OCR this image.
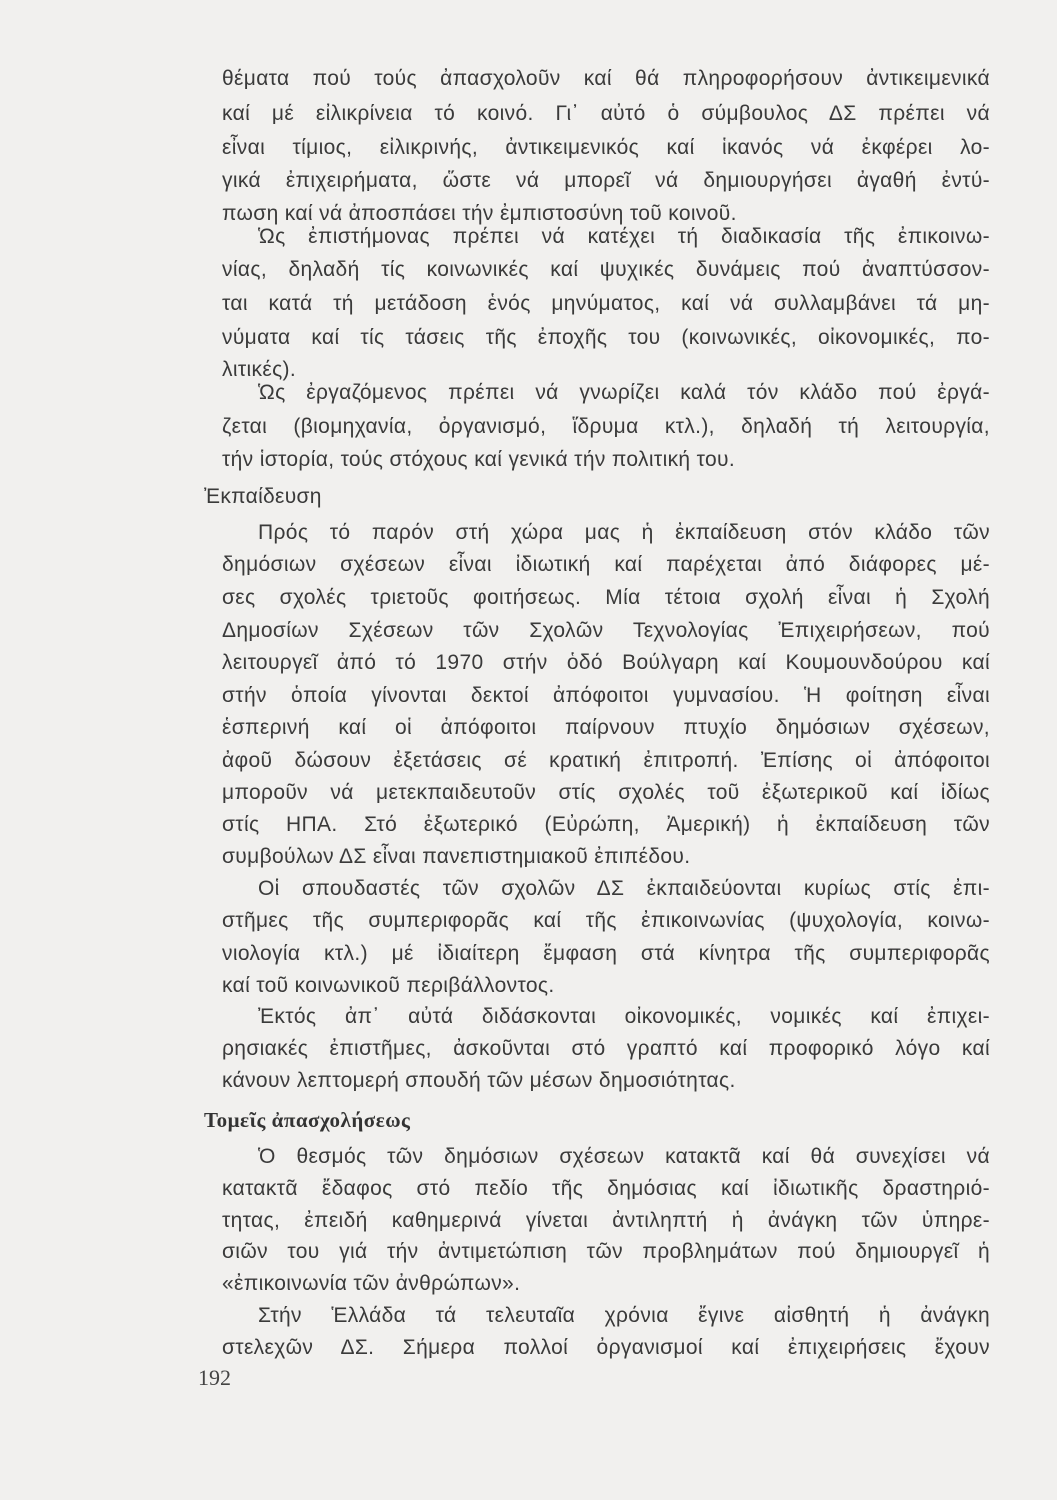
θέματα πού τούς ἀπασχολοῦν καί θά πληροφορήσουν ἀντικειμενικά
καί μέ εἰλικρίνεια τό κοινό. Γι᾽ αὐτό ὁ σύμβουλος ΔΣ πρέπει νά
εἶναι τίμιος, εἰλικρινής, ἀντικειμενικός καί ἱκανός νά ἐκφέρει λο-
γικά ἐπιχειρήματα, ὥστε νά μπορεῖ νά δημιουργήσει ἀγαθή ἐντύ-
πωση καί νά ἀποσπάσει τήν ἐμπιστοσύνη τοῦ κοινοῦ.
Ὡς ἐπιστήμονας πρέπει νά κατέχει τή διαδικασία τῆς ἐπικοινω-
νίας, δηλαδή τίς κοινωνικές καί ψυχικές δυνάμεις πού ἀναπτύσσον-
ται κατά τή μετάδοση ἑνός μηνύματος, καί νά συλλαμβάνει τά μη-
νύματα καί τίς τάσεις τῆς ἐποχῆς του (κοινωνικές, οἰκονομικές, πο-
λιτικές).
Ὡς ἐργαζόμενος πρέπει νά γνωρίζει καλά τόν κλάδο πού ἐργά-
ζεται (βιομηχανία, ὀργανισμό, ἵδρυμα κτλ.), δηλαδή τή λειτουργία,
τήν ἱστορία, τούς στόχους καί γενικά τήν πολιτική του.
Ἐκπαίδευση
Πρός τό παρόν στή χώρα μας ἡ ἐκπαίδευση στόν κλάδο τῶν
δημόσιων σχέσεων εἶναι ἰδιωτική καί παρέχεται ἀπό διάφορες μέ-
σες σχολές τριετοῦς φοιτήσεως. Μία τέτοια σχολή εἶναι ἡ Σχολή
Δημοσίων Σχέσεων τῶν Σχολῶν Τεχνολογίας Ἐπιχειρήσεων, πού
λειτουργεῖ ἀπό τό 1970 στήν ὁδό Βούλγαρη καί Κουμουνδούρου καί
στήν ὁποία γίνονται δεκτοί ἀπόφοιτοι γυμνασίου. Ἡ φοίτηση εἶναι
ἑσπερινή καί οἱ ἀπόφοιτοι παίρνουν πτυχίο δημόσιων σχέσεων,
ἀφοῦ δώσουν ἐξετάσεις σέ κρατική ἐπιτροπή. Ἐπίσης οἱ ἀπόφοιτοι
μποροῦν νά μετεκπαιδευτοῦν στίς σχολές τοῦ ἐξωτερικοῦ καί ἰδίως
στίς ΗΠΑ. Στό ἐξωτερικό (Εὐρώπη, Ἀμερική) ἡ ἐκπαίδευση τῶν
συμβούλων ΔΣ εἶναι πανεπιστημιακοῦ ἐπιπέδου.
Οἱ σπουδαστές τῶν σχολῶν ΔΣ ἐκπαιδεύονται κυρίως στίς ἐπι-
στῆμες τῆς συμπεριφορᾶς καί τῆς ἐπικοινωνίας (ψυχολογία, κοινω-
νιολογία κτλ.) μέ ἰδιαίτερη ἔμφαση στά κίνητρα τῆς συμπεριφορᾶς
καί τοῦ κοινωνικοῦ περιβάλλοντος.
Ἐκτός ἀπ᾽ αὐτά διδάσκονται οἰκονομικές, νομικές καί ἐπιχει-
ρησιακές ἐπιστῆμες, ἀσκοῦνται στό γραπτό καί προφορικό λόγο καί
κάνουν λεπτομερή σπουδή τῶν μέσων δημοσιότητας.
Τομεῖς ἀπασχολήσεως
Ὁ θεσμός τῶν δημόσιων σχέσεων κατακτᾶ καί θά συνεχίσει νά
κατακτᾶ ἔδαφος στό πεδίο τῆς δημόσιας καί ἰδιωτικῆς δραστηριό-
τητας, ἐπειδή καθημερινά γίνεται ἀντιληπτή ἡ ἀνάγκη τῶν ὑπηρε-
σιῶν του γιά τήν ἀντιμετώπιση τῶν προβλημάτων πού δημιουργεῖ ἡ
«ἐπικοινωνία τῶν ἀνθρώπων».
Στήν Ἑλλάδα τά τελευταῖα χρόνια ἔγινε αἰσθητή ἡ ἀνάγκη
στελεχῶν ΔΣ. Σήμερα πολλοί ὀργανισμοί καί ἐπιχειρήσεις ἔχουν
192
